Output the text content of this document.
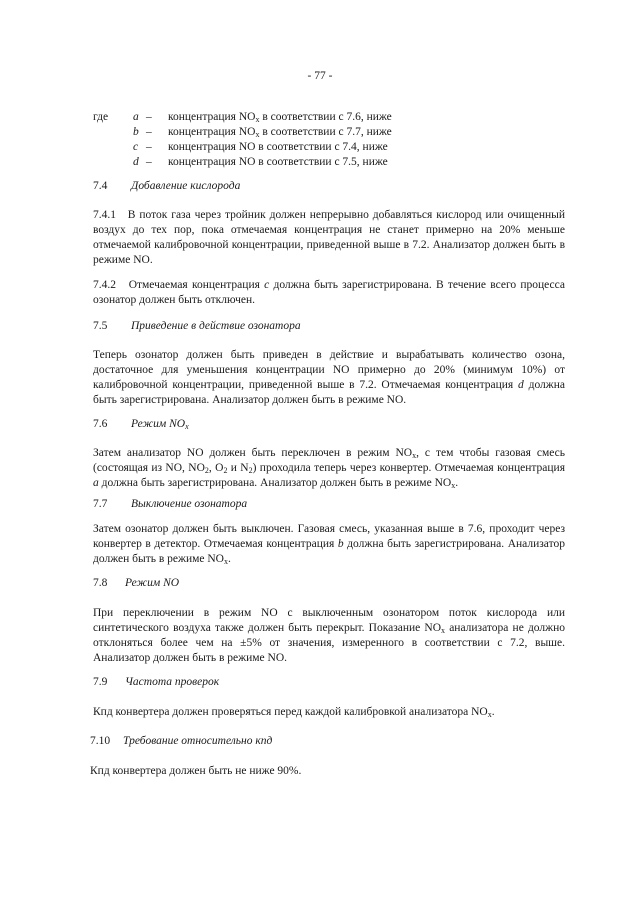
- 77 -
где a – концентрация $NO_x$ в соответствии с 7.6, ниже
b – концентрация $NO_x$ в соответствии с 7.7, ниже
c – концентрация NO в соответствии с 7.4, ниже
d – концентрация NO в соответствии с 7.5, ниже
7.4 Добавление кислорода
7.4.1 В поток газа через тройник должен непрерывно добавляться кислород или очищенный воздух до тех пор, пока отмечаемая концентрация не станет примерно на 20% меньше отмечаемой калибровочной концентрации, приведенной выше в 7.2. Анализатор должен быть в режиме NO.
7.4.2 Отмечаемая концентрация c должна быть зарегистрирована. В течение всего процесса озонатор должен быть отключен.
7.5 Приведение в действие озонатора
Теперь озонатор должен быть приведен в действие и вырабатывать количество озона, достаточное для уменьшения концентрации NO примерно до 20% (минимум 10%) от калибровочной концентрации, приведенной выше в 7.2. Отмечаемая концентрация d должна быть зарегистрирована. Анализатор должен быть в режиме NO.
7.6 Режим $NO_x$
Затем анализатор NO должен быть переключен в режим $NO_x$, с тем чтобы газовая смесь (состоящая из NO, $NO_2$, $O_2$ и $N_2$) проходила теперь через конвертер. Отмечаемая концентрация a должна быть зарегистрирована. Анализатор должен быть в режиме $NO_x$.
7.7 Выключение озонатора
Затем озонатор должен быть выключен. Газовая смесь, указанная выше в 7.6, проходит через конвертер в детектор. Отмечаемая концентрация b должна быть зарегистрирована. Анализатор должен быть в режиме $NO_x$.
7.8 Режим NO
При переключении в режим NO с выключенным озонатором поток кислорода или синтетического воздуха также должен быть перекрыт. Показание $NO_x$ анализатора не должно отклоняться более чем на ±5% от значения, измеренного в соответствии с 7.2, выше. Анализатор должен быть в режиме NO.
7.9 Частота проверок
Кпд конвертера должен проверяться перед каждой калибровкой анализатора $NO_x$.
7.10 Требование относительно кпд
Кпд конвертера должен быть не ниже 90%.
